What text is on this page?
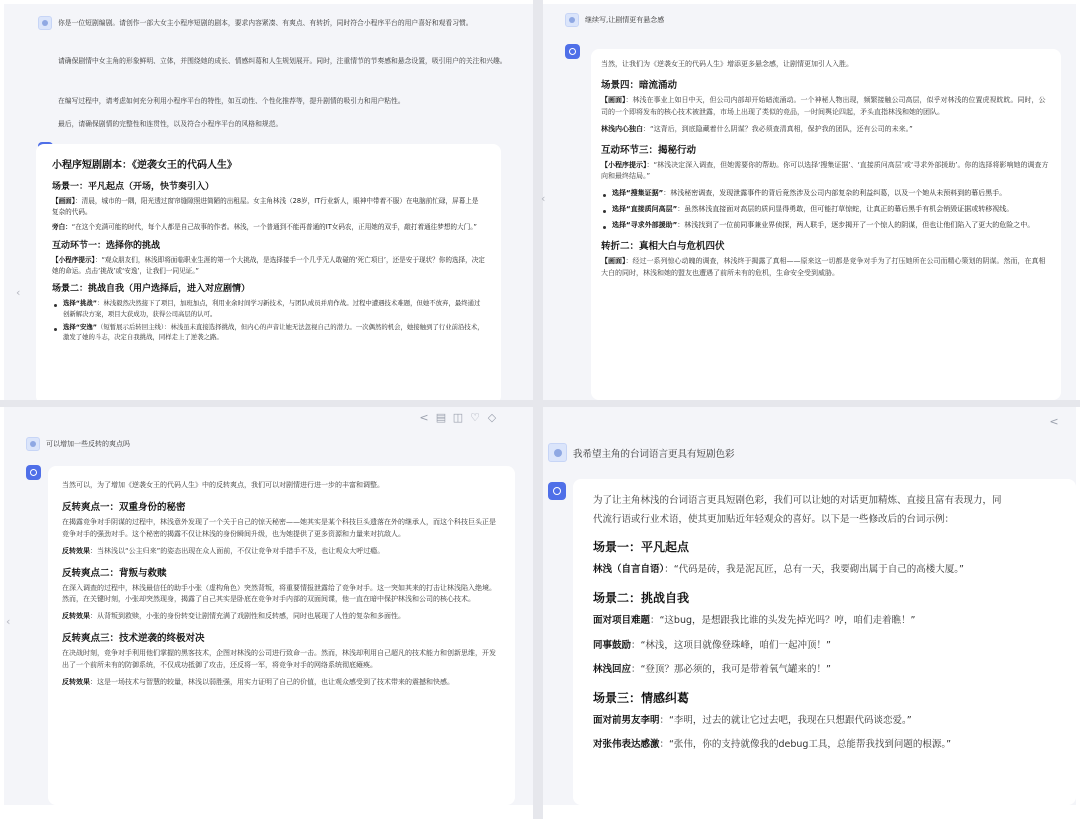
你是一位短剧编剧。请创作一部大女主小程序短剧的剧本，要求内容紧凑、有爽点、有转折，同时符合小程序平台的用户喜好和观看习惯。
请确保剧情中女主角的形象鲜明、立体，并围绕她的成长、情感纠葛和人生规划展开。同时，注重情节的节奏感和悬念设置，吸引用户的关注和兴趣。
在编写过程中，请考虑如何充分利用小程序平台的特性，如互动性、个性化推荐等，提升剧情的吸引力和用户粘性。
最后，请确保剧情的完整性和连贯性，以及符合小程序平台的风格和规范。
‹
小程序短剧剧本：《逆袭女王的代码人生》
场景一：平凡起点（开场，快节奏引入）

【画面】：清晨，城市的一隅，阳光透过窗帘缝隙照进简陋的出租屋。女主角林浅（28岁，IT行业新人，眼神中带着不服）在电脑前忙碌，屏幕上是复杂的代码。

旁白：“在这个充满可能的时代，每个人都是自己故事的作者。林浅，一个普通到不能再普通的IT女码农，正用她的双手，敲打着通往梦想的大门。”

互动环节一：选择你的挑战

【小程序提示】：“观众朋友们，林浅即将面临职业生涯的第一个大挑战，是选择接手一个几乎无人敢碰的‘死亡项目’，还是安于现状？你的选择，决定她的命运。点击‘挑战’或‘安逸’，让我们一同见证。”

场景二：挑战自我（用户选择后，进入对应剧情）
选择“挑战”：林浅毅然决然接下了项目，加班加点，利用业余时间学习新技术，与团队成员并肩作战。过程中遭遇技术难题，但她不放弃，最终通过创新解决方案，项目大获成功，获得公司高层的认可。
选择“安逸”（短暂展示后转回主线）：林浅虽未直接选择挑战，但内心的声音让她无法忽视自己的潜力。一次偶然的机会，她接触到了行业前沿技术，激发了她的斗志，决定自我挑战，同样走上了逆袭之路。
继续写,让剧情更有悬念感
‹

当然，让我们为《逆袭女王的代码人生》增添更多悬念感，让剧情更加引人入胜。

场景四：暗流涌动

【画面】：林浅在事业上如日中天，但公司内部却开始暗流涌动。一个神秘人物出现，频繁接触公司高层，似乎对林浅的位置虎视眈眈。同时，公司的一个即将发布的核心技术被泄露，市场上出现了类似的竞品，一时间舆论四起，矛头直指林浅和她的团队。

林浅内心独白：“这背后，到底隐藏着什么阴谋？我必须查清真相，保护我的团队，还有公司的未来。”

互动环节三：揭秘行动

【小程序提示】：“林浅决定深入调查，但她需要你的帮助。你可以选择‘搜集证据’、‘直接质问高层’或‘寻求外部援助’。你的选择将影响她的调查方向和最终结局。”

选择“搜集证据”：林浅秘密调查，发现泄露事件的背后竟然涉及公司内部复杂的利益纠葛，以及一个她从未预料到的幕后黑手。
选择“直接质问高层”：虽然林浅直接面对高层的质问显得勇敢，但可能打草惊蛇，让真正的幕后黑手有机会销毁证据或转移视线。
选择“寻求外部援助”：林浅找到了一位前同事兼业界侦探，两人联手，逐步揭开了一个惊人的阴谋，但也让他们陷入了更大的危险之中。
转折二：真相大白与危机四伏

【画面】：经过一系列惊心动魄的调查，林浅终于揭露了真相——原来这一切都是竞争对手为了打压她所在公司而精心策划的阴谋。然而，在真相大白的同时，林浅和她的盟友也遭遇了前所未有的危机，生命安全受到威胁。

< ▤ ◫ ♡ ◇
可以增加一些反转的爽点吗
‹

当然可以，为了增加《逆袭女王的代码人生》中的反转爽点，我们可以对剧情进行进一步的丰富和调整。

反转爽点一：双重身份的秘密

在揭露竞争对手阴谋的过程中，林浅意外发现了一个关于自己的惊天秘密——她其实是某个科技巨头遗落在外的继承人，而这个科技巨头正是竞争对手的强劲对手。这个秘密的揭露不仅让林浅的身份瞬间升级，也为她提供了更多资源和力量来对抗敌人。

反转效果：当林浅以“公主归来”的姿态出现在众人面前，不仅让竞争对手措手不及，也让观众大呼过瘾。

反转爽点二：背叛与救赎

在深入调查的过程中，林浅最信任的助手小张（虚构角色）突然背叛，将重要情报泄露给了竞争对手。这一突如其来的打击让林浅陷入绝境。然而，在关键时刻，小张却突然现身，揭露了自己其实是卧底在竞争对手内部的双面间谍，他一直在暗中保护林浅和公司的核心技术。

反转效果：从背叛到救赎，小张的身份转变让剧情充满了戏剧性和反转感，同时也展现了人性的复杂和多面性。

反转爽点三：技术逆袭的终极对决

在决战时刻，竞争对手利用他们掌握的黑客技术，企图对林浅的公司进行致命一击。然而，林浅却利用自己超凡的技术能力和创新思维，开发出了一个前所未有的防御系统，不仅成功抵御了攻击，还反将一军，将竞争对手的网络系统彻底瘫痪。

反转效果：这是一场技术与智慧的较量，林浅以弱胜强，用实力证明了自己的价值，也让观众感受到了技术带来的震撼和快感。

<
我希望主角的台词语言更具有短剧色彩

为了让主角林浅的台词语言更具短剧色彩，我们可以让她的对话更加精炼、直接且富有表现力，同

代流行语或行业术语，使其更加贴近年轻观众的喜好。以下是一些修改后的台词示例：

场景一：平凡起点

林浅（自言自语）：“代码是砖，我是泥瓦匠，总有一天，我要砌出属于自己的高楼大厦。”

场景二：挑战自我

面对项目难题：“这bug，是想跟我比谁的头发先掉光吗？哼，咱们走着瞧！”

同事鼓励：“林浅，这项目就像登珠峰，咱们一起冲顶！”

林浅回应：“登顶？那必须的，我可是带着氧气罐来的！”

场景三：情感纠葛

面对前男友李明：“李明，过去的就让它过去吧，我现在只想跟代码谈恋爱。”

对张伟表达感激：“张伟，你的支持就像我的debug工具，总能帮我找到问题的根源。”
